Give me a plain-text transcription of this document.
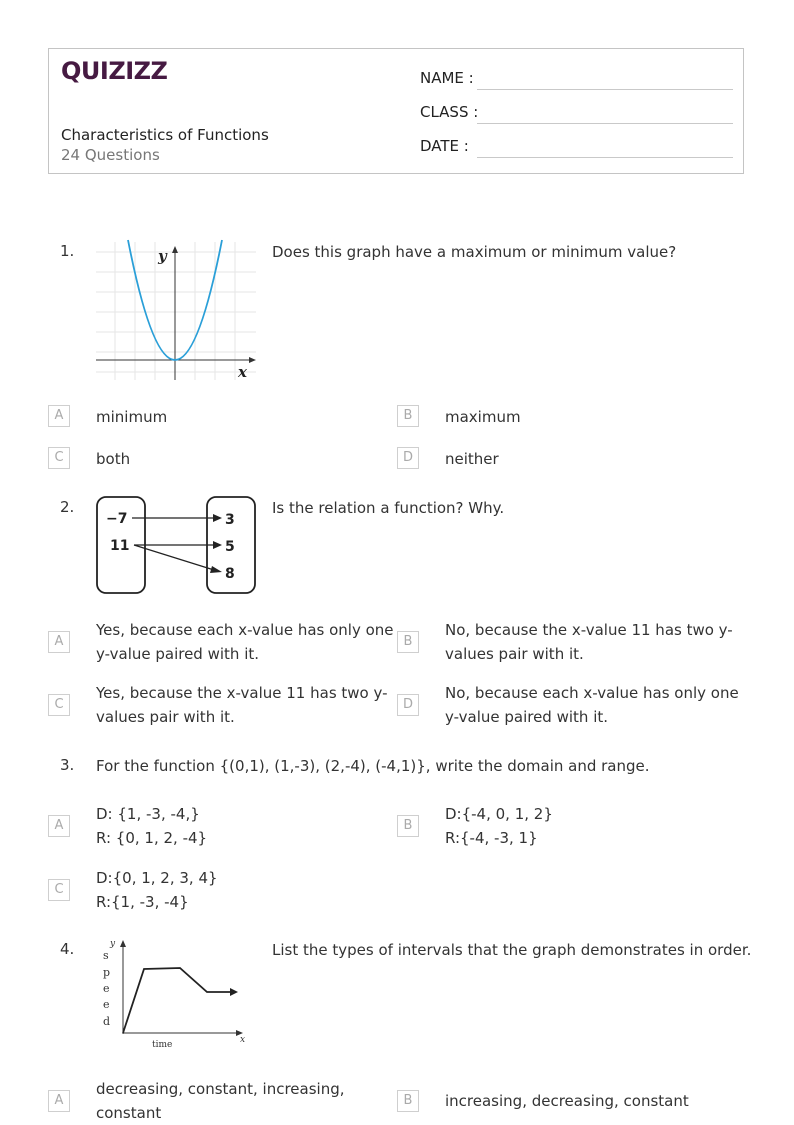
QUIZIZZ
Characteristics of Functions
24 Questions
NAME :
CLASS :
DATE :
1.	y
x
Does this graph have a maximum or minimum value?
A	minimum	B	maximum
C	both	D	neither
2.
−7
11
3
5
8
Is the relation a function? Why.
A
Yes, because each x-value has only one
y-value paired with it.
B
No, because the x-value 11 has two y-
values pair with it.
C
Yes, because the x-value 11 has two y-
values pair with it.
D
No, because each x-value has only one
y-value paired with it.
3. For the function {(0,1), (1,-3), (2,-4), (-4,1)}, write the domain and range.
A
D: {1, -3, -4,}
R: {0, 1, 2, -4}
B
D:{-4, 0, 1, 2}
R:{-4, -3, 1}
C
D:{0, 1, 2, 3, 4}
R:{1, -3, -4}
4.	y
x
s
p
e
e
d
time
List the types of intervals that the graph demonstrates in order.
A
decreasing, constant, increasing,
constant
B	increasing, decreasing, constant
